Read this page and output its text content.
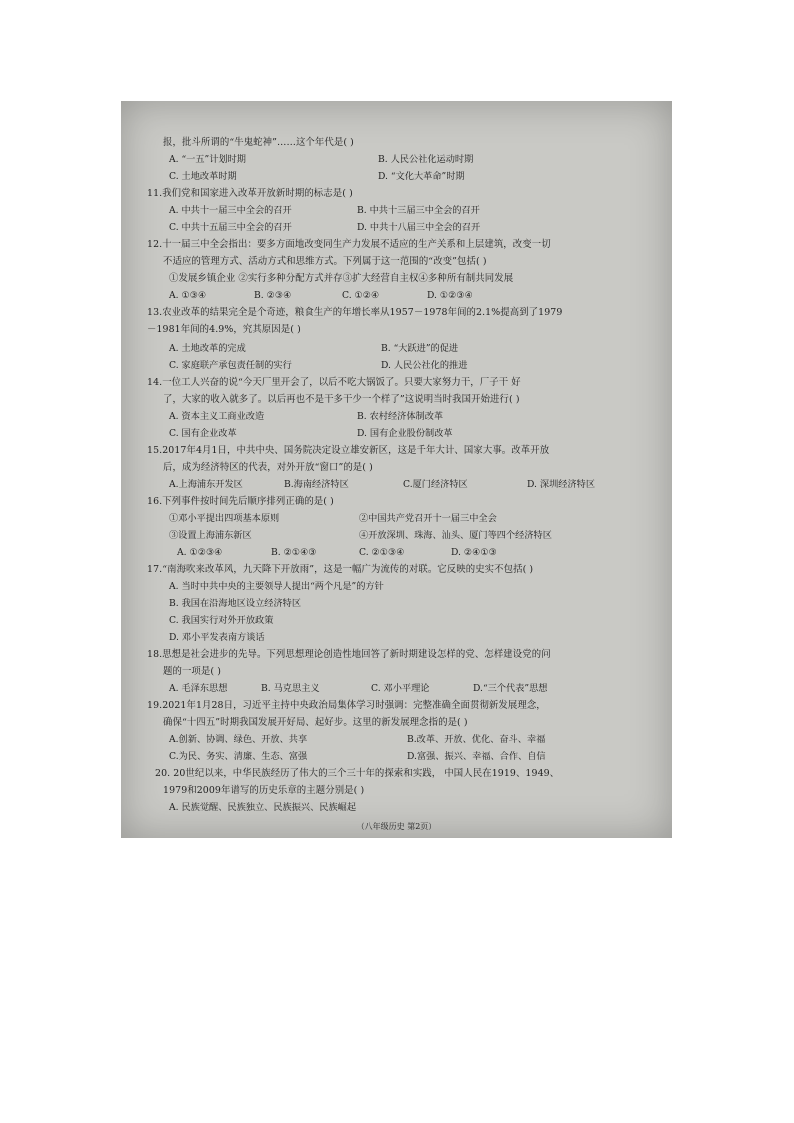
报，批斗所谓的“牛鬼蛇神”……这个年代是( )
A. “一五”计划时期	B. 人民公社化运动时期
C. 土地改革时期	D. “文化大革命”时期
11.我们党和国家进入改革开放新时期的标志是( )
A. 中共十一届三中全会的召开	B. 中共十三届三中全会的召开
C. 中共十五届三中全会的召开	D. 中共十八届三中全会的召开
12.十一届三中全会指出：要多方面地改变同生产力发展不适应的生产关系和上层建筑，改变一切
不适应的管理方式、活动方式和思维方式。下列属于这一范围的“改变”包括( )
①发展乡镇企业 ②实行多种分配方式并存③扩大经营自主权④多种所有制共同发展
A. ①③④	B. ②③④	C. ①②④	D. ①②③④
13.农业改革的结果完全是个奇迹，粮食生产的年增长率从1957－1978年间的2.1%提高到了1979
－1981年间的4.9%，究其原因是( )
A. 土地改革的完成	B. “大跃进”的促进
C. 家庭联产承包责任制的实行	D. 人民公社化的推进
14.一位工人兴奋的说“今天厂里开会了，以后不吃大锅饭了。只要大家努力干，厂子干 好
了，大家的收入就多了。以后再也不是干多干少一个样了”这说明当时我国开始进行( )
A. 资本主义工商业改造	B. 农村经济体制改革
C. 国有企业改革	D. 国有企业股份制改革
15.2017年4月1日，中共中央、国务院决定设立雄安新区，这是千年大计、国家大事。改革开放
后，成为经济特区的代表，对外开放“窗口”的是( )
A.上海浦东开发区	B.海南经济特区	C.厦门经济特区	D. 深圳经济特区
16.下列事件按时间先后顺序排列正确的是( )
①邓小平提出四项基本原则	②中国共产党召开十一届三中全会
③设置上海浦东新区	④开放深圳、珠海、汕头、厦门等四个经济特区
A. ①②③④	B. ②①④③	C. ②①③④	D. ②④①③
17.“南海吹来改革风，九天降下开放雨”，这是一幅广为流传的对联。它反映的史实不包括( )
A. 当时中共中央的主要领导人提出“两个凡是”的方针
B. 我国在沿海地区设立经济特区
C. 我国实行对外开放政策
D. 邓小平发表南方谈话
18.思想是社会进步的先导。下列思想理论创造性地回答了新时期建设怎样的党、怎样建设党的问
题的一项是( )
A. 毛泽东思想	B. 马克思主义	C. 邓小平理论	D.“三个代表”思想
19.2021年1月28日，习近平主持中央政治局集体学习时强调：完整准确全面贯彻新发展理念，
确保“十四五”时期我国发展开好局、起好步。这里的新发展理念指的是( )
A.创新、协调、绿色、开放、共享	B.改革、开放、优化、奋斗、幸福
C.为民、务实、清廉、生态、富强	D.富强、振兴、幸福、合作、自信
20. 20世纪以来，中华民族经历了伟大的三个三十年的探索和实践， 中国人民在1919、1949、
1979和2009年谱写的历史乐章的主题分别是( )
A. 民族觉醒、民族独立、民族振兴、民族崛起
（八年级历史 第2页）
